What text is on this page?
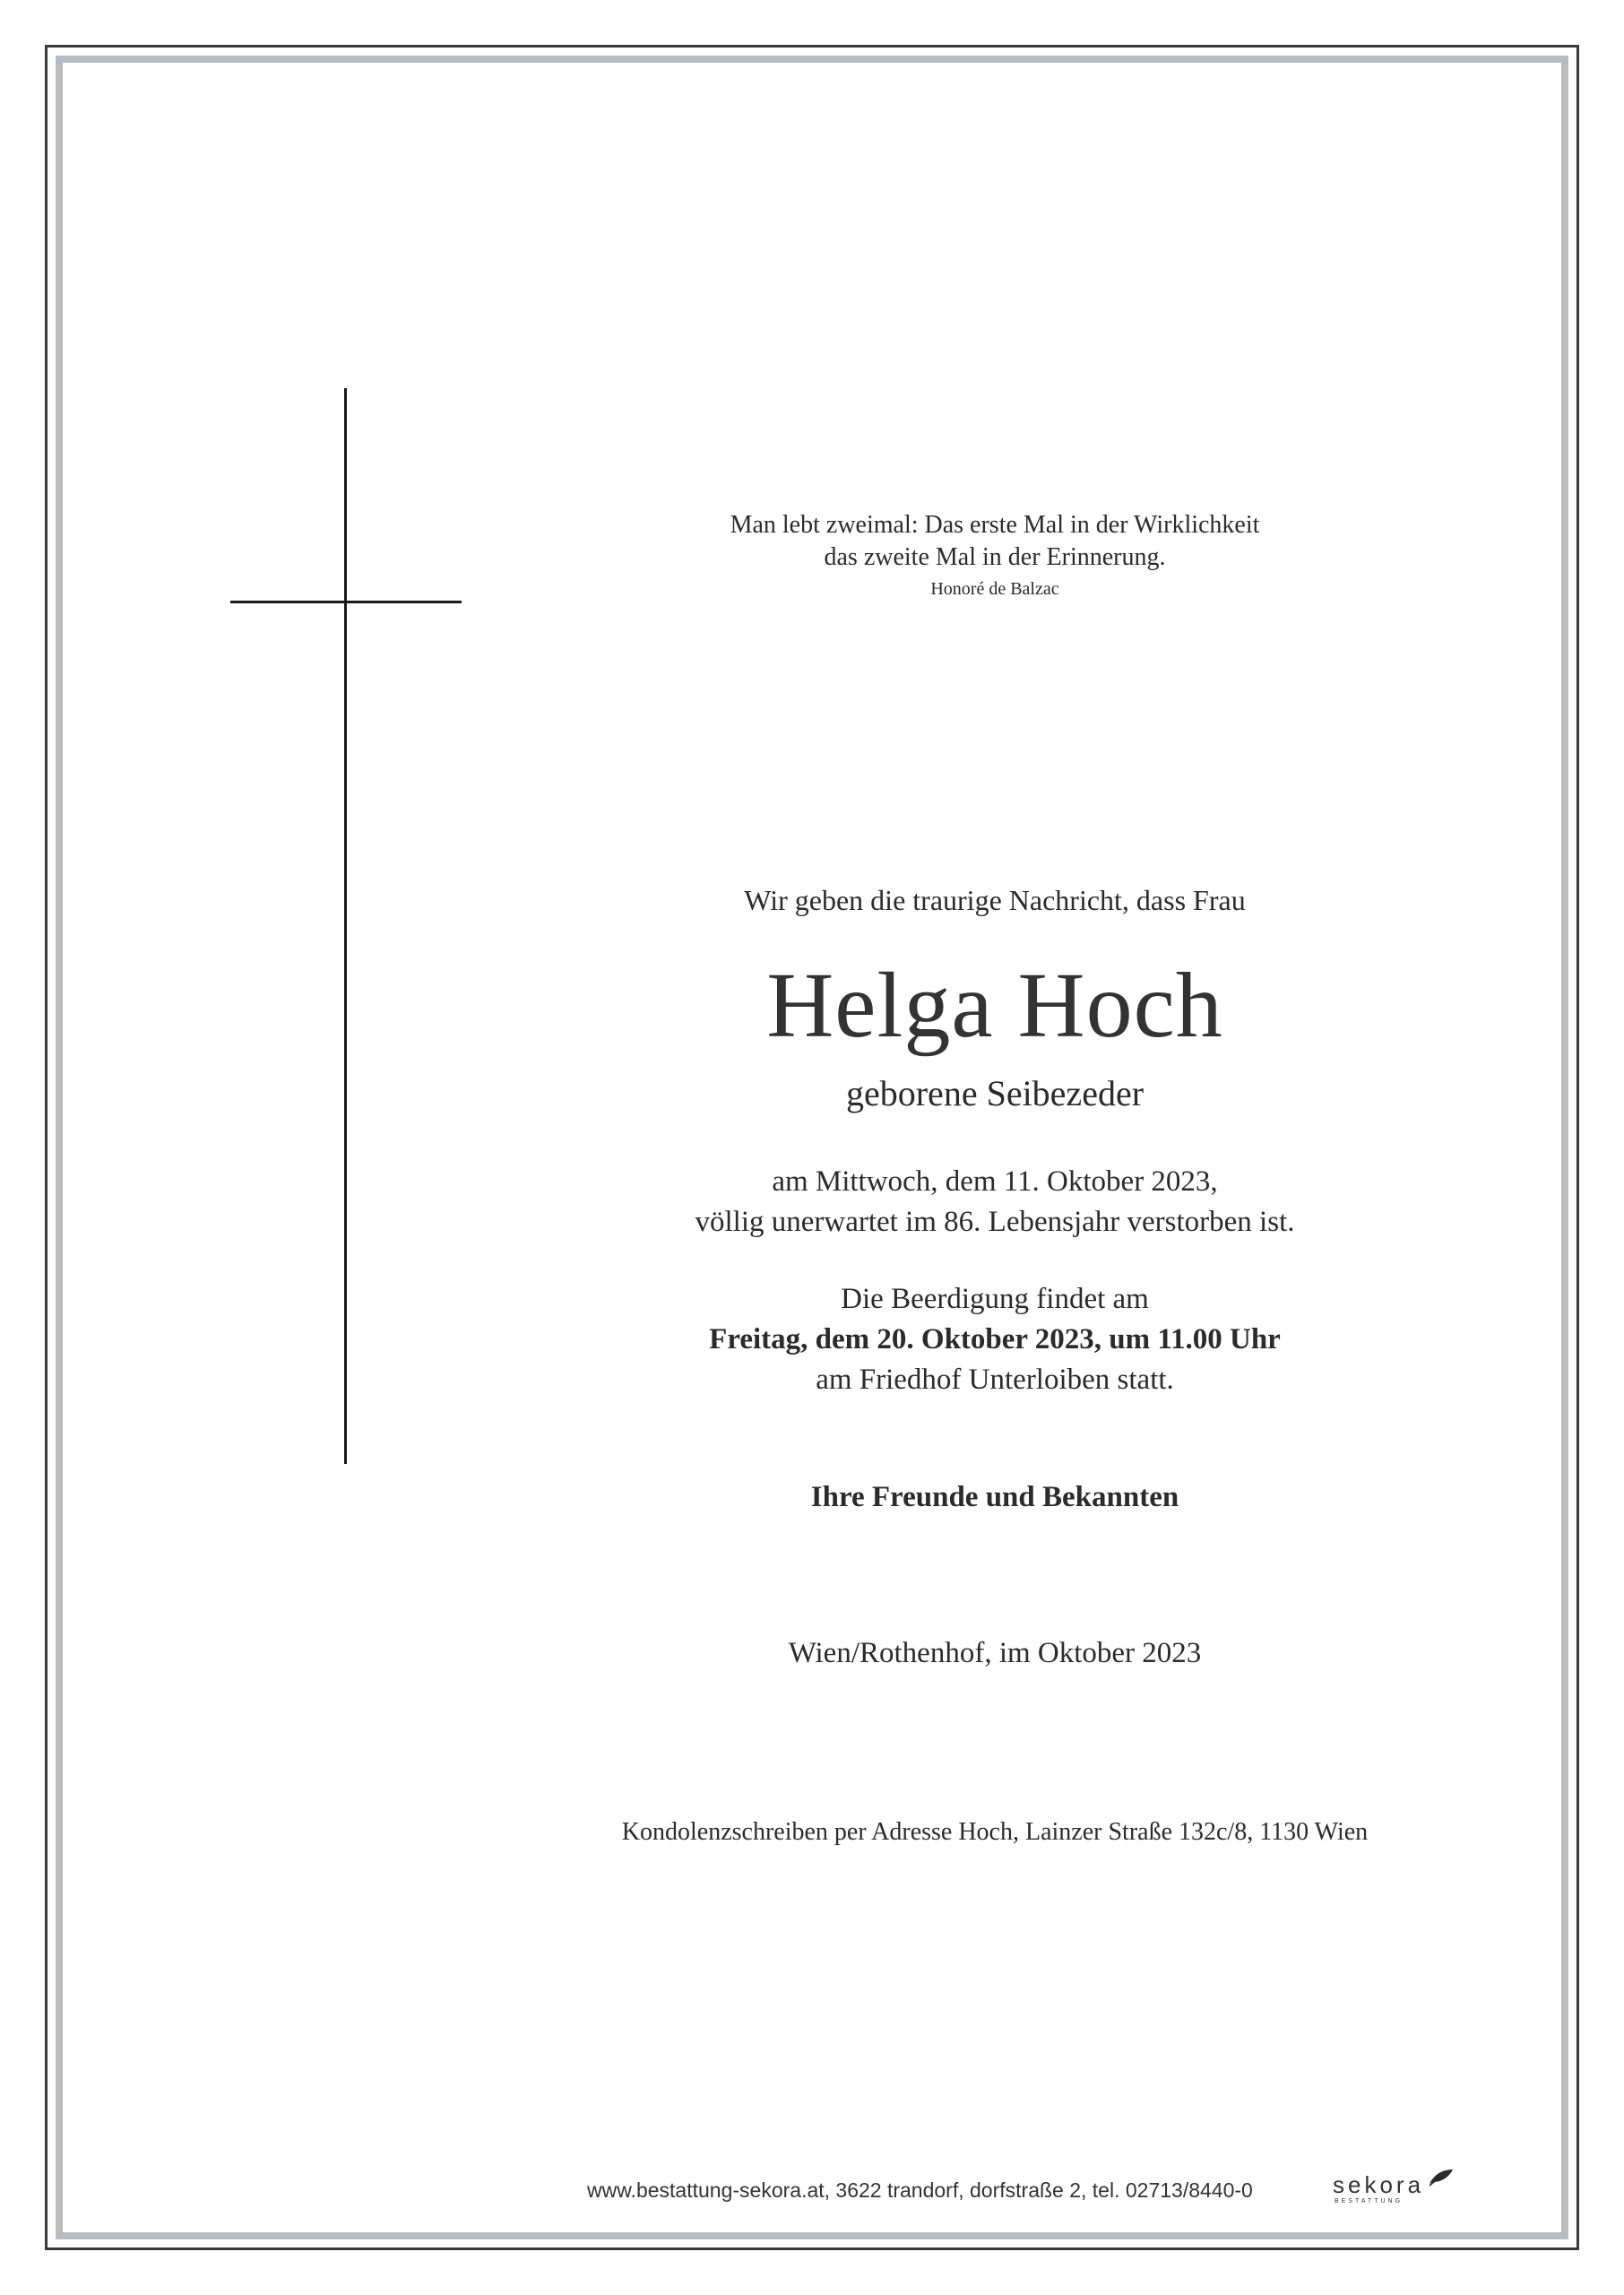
Man lebt zweimal: Das erste Mal in der Wirklichkeit

das zweite Mal in der Erinnerung.

Honoré de Balzac

Wir geben die traurige Nachricht, dass Frau

Helga Hoch

geborene Seibezeder

am Mittwoch, dem 11. Oktober 2023,

völlig unerwartet im 86. Lebensjahr verstorben ist.

Die Beerdigung findet am

Freitag, dem 20. Oktober 2023, um 11.00 Uhr

am Friedhof Unterloiben statt.

Ihre Freunde und Bekannten

Wien/Rothenhof, im Oktober 2023

Kondolenzschreiben per Adresse Hoch, Lainzer Straße 132c/8, 1130 Wien

www.bestattung-sekora.at, 3622 trandorf, dorfstraße 2, tel. 02713/8440-0	sekora
BESTATTUNG
